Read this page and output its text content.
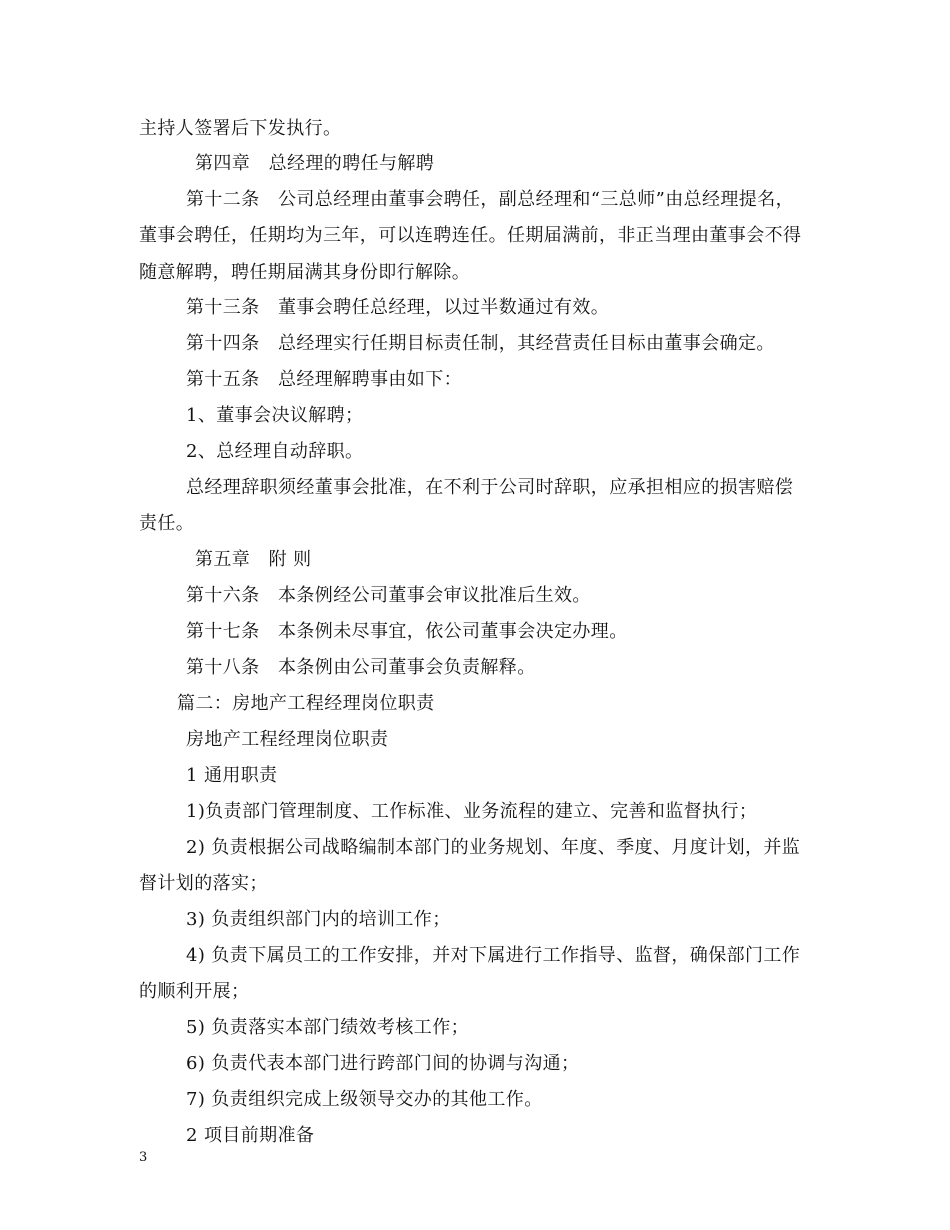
主持人签署后下发执行。
第四章　总经理的聘任与解聘
第十二条　公司总经理由董事会聘任，副总经理和“三总师”由总经理提名，
董事会聘任，任期均为三年，可以连聘连任。任期届满前，非正当理由董事会不得
随意解聘，聘任期届满其身份即行解除。
第十三条　董事会聘任总经理，以过半数通过有效。
第十四条　总经理实行任期目标责任制，其经营责任目标由董事会确定。
第十五条　总经理解聘事由如下：
1、董事会决议解聘；
2、总经理自动辞职。
总经理辞职须经董事会批准，在不利于公司时辞职，应承担相应的损害赔偿
责任。
第五章　附 则
第十六条　本条例经公司董事会审议批准后生效。
第十七条　本条例未尽事宜，依公司董事会决定办理。
第十八条　本条例由公司董事会负责解释。
篇二：房地产工程经理岗位职责
房地产工程经理岗位职责
1 通用职责
1)负责部门管理制度、工作标准、业务流程的建立、完善和监督执行；
2) 负责根据公司战略编制本部门的业务规划、年度、季度、月度计划，并监
督计划的落实；
3) 负责组织部门内的培训工作；
4) 负责下属员工的工作安排，并对下属进行工作指导、监督，确保部门工作
的顺利开展；
5) 负责落实本部门绩效考核工作；
6) 负责代表本部门进行跨部门间的协调与沟通；
7) 负责组织完成上级领导交办的其他工作。
2 项目前期准备
3
